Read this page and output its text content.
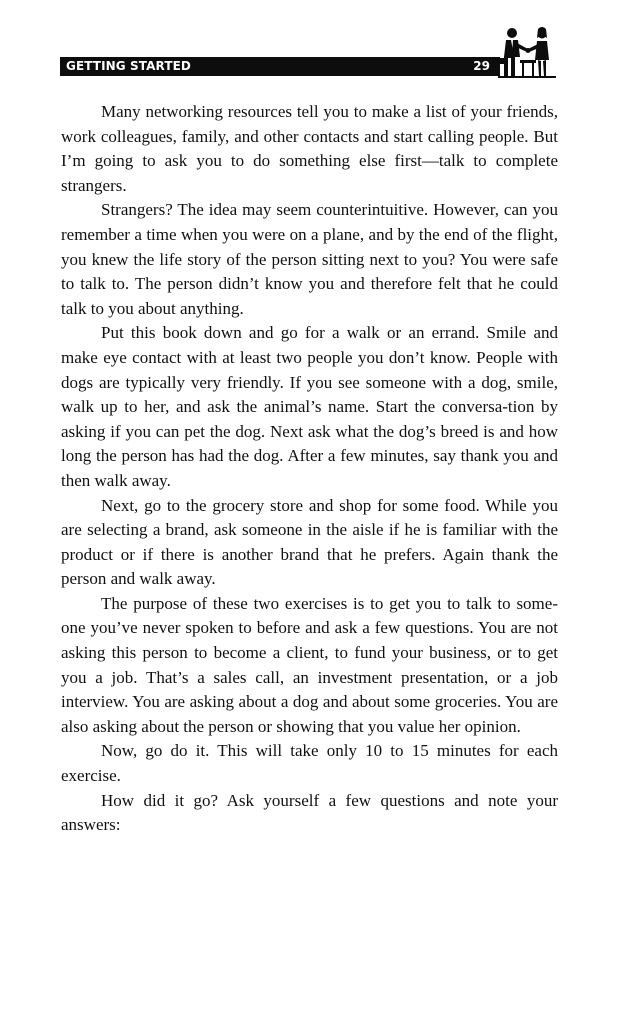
GETTING STARTED	29

Many networking resources tell you to make a list of your friends, work colleagues, family, and other contacts and start calling people. But I’m going to ask you to do something else first—talk to complete strangers.

Strangers? The idea may seem counterintuitive. However, can you remember a time when you were on a plane, and by the end of the flight, you knew the life story of the person sitting next to you? You were safe to talk to. The person didn’t know you and therefore felt that he could talk to you about anything.

Put this book down and go for a walk or an errand. Smile and make eye contact with at least two people you don’t know. People with dogs are typically very friendly. If you see someone with a dog, smile, walk up to her, and ask the animal’s name. Start the conversa-tion by asking if you can pet the dog. Next ask what the dog’s breed is and how long the person has had the dog. After a few minutes, say thank you and then walk away.

Next, go to the grocery store and shop for some food. While you are selecting a brand, ask someone in the aisle if he is familiar with the product or if there is another brand that he prefers. Again thank the person and walk away.

The purpose of these two exercises is to get you to talk to some-one you’ve never spoken to before and ask a few questions. You are not asking this person to become a client, to fund your business, or to get you a job. That’s a sales call, an investment presentation, or a job interview. You are asking about a dog and about some groceries. You are also asking about the person or showing that you value her opinion.

Now, go do it. This will take only 10 to 15 minutes for each exercise.

How did it go? Ask yourself a few questions and note your answers:
